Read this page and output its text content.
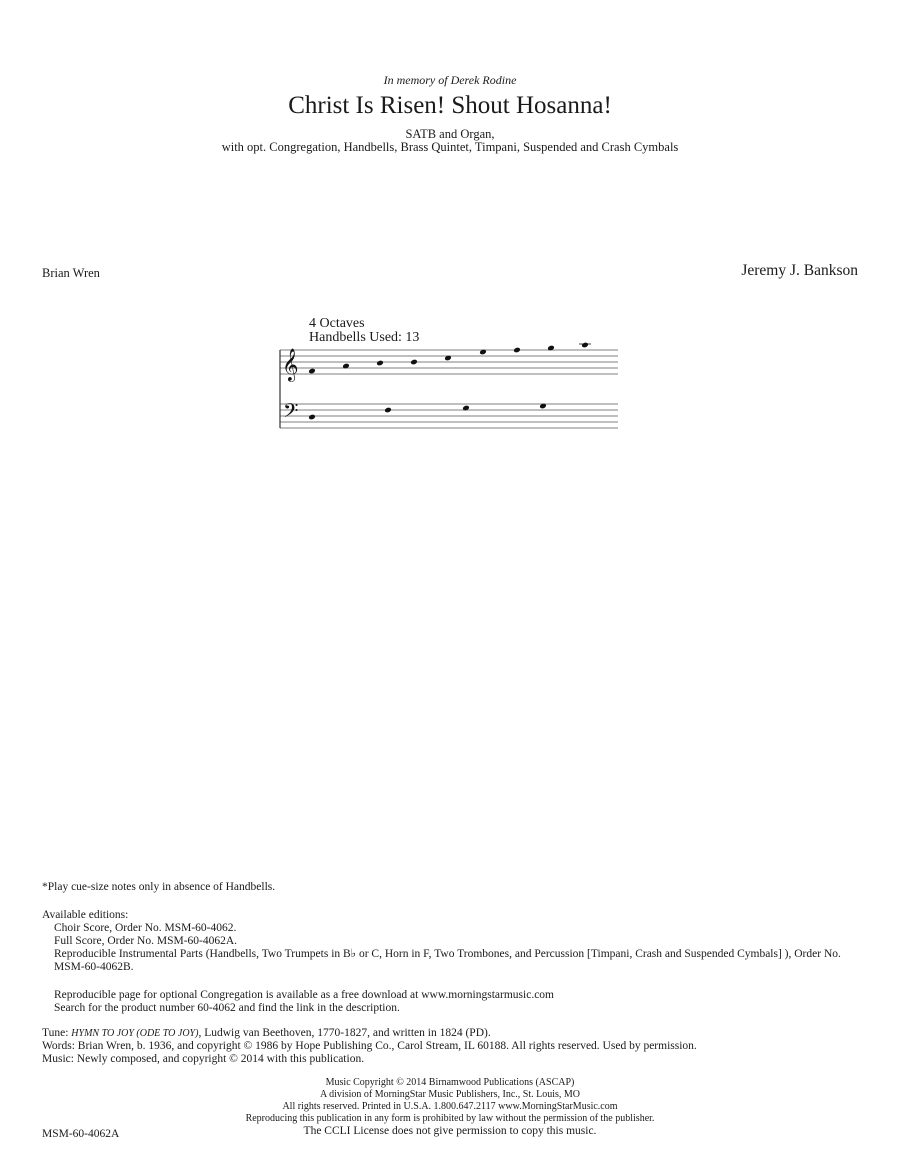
In memory of Derek Rodine
Christ Is Risen! Shout Hosanna!
SATB and Organ,
with opt. Congregation, Handbells, Brass Quintet, Timpani, Suspended and Crash Cymbals
Brian Wren	Jeremy J. Bankson
4 Octaves
Handbells Used: 13
𝄞
𝄢
*Play cue-size notes only in absence of Handbells.
Available editions:
Choir Score, Order No. MSM-60-4062.
Full Score, Order No. MSM-60-4062A.
Reproducible Instrumental Parts (Handbells, Two Trumpets in B♭ or C, Horn in F, Two Trombones, and Percussion [Timpani, Crash and Suspended Cymbals] ), Order No. MSM-60-4062B.
Reproducible page for optional Congregation is available as a free download at www.morningstarmusic.com
Search for the product number 60-4062 and find the link in the description.
Tune: HYMN TO JOY (ODE TO JOY), Ludwig van Beethoven, 1770-1827, and written in 1824 (PD).
Words: Brian Wren, b. 1936, and copyright © 1986 by Hope Publishing Co., Carol Stream, IL 60188. All rights reserved. Used by permission.
Music: Newly composed, and copyright © 2014 with this publication.
Music Copyright © 2014 Birnamwood Publications (ASCAP)
A division of MorningStar Music Publishers, Inc., St. Louis, MO
All rights reserved. Printed in U.S.A. 1.800.647.2117 www.MorningStarMusic.com
Reproducing this publication in any form is prohibited by law without the permission of the publisher.
The CCLI License does not give permission to copy this music.
MSM-60-4062A
